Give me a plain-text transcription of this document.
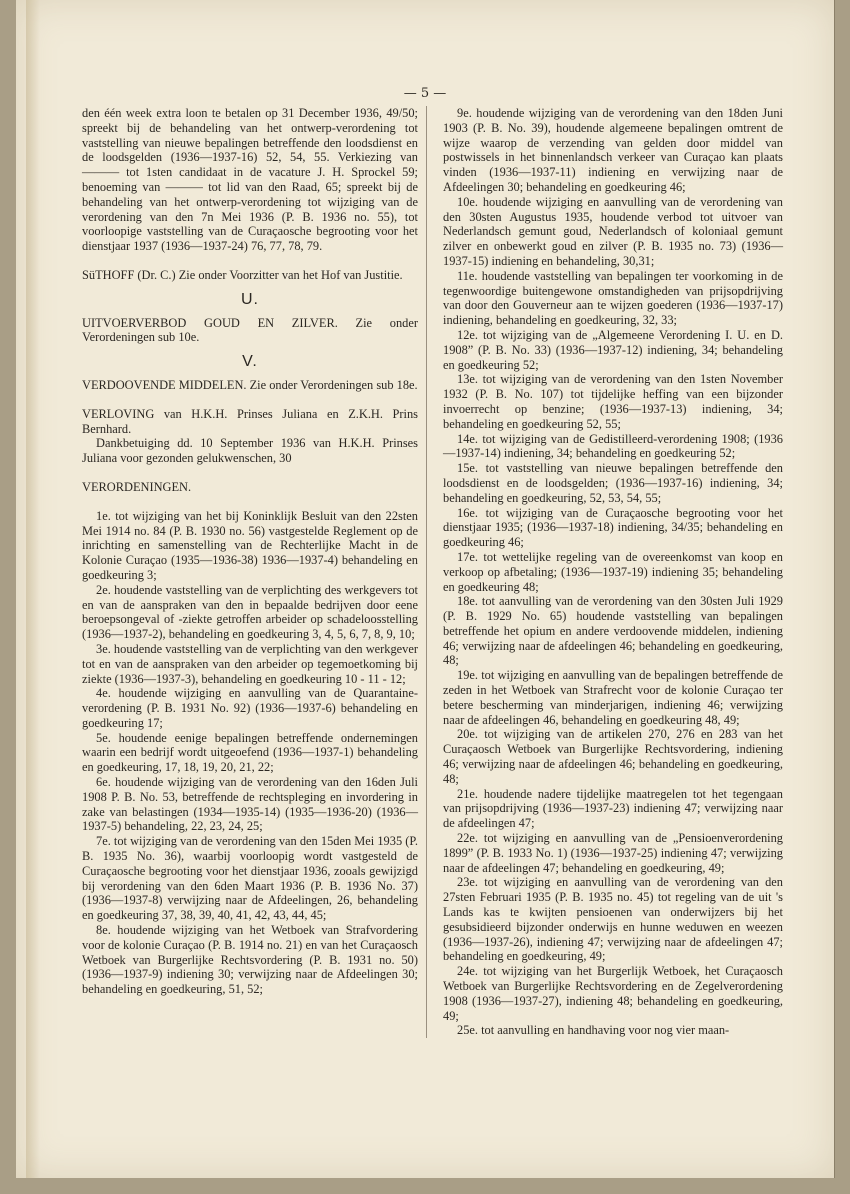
— 5 —

den één week extra loon te betalen op 31 December 1936, 49/50; spreekt bij de behandeling van het ontwerp-verordening tot vaststelling van nieuwe bepalingen betreffende den loodsdienst en de loodsgelden (1936—1937-16) 52, 54, 55. Verkiezing van ——— tot 1sten candidaat in de vacature J. H. Sprockel 59; benoeming van ——— tot lid van den Raad, 65; spreekt bij de behandeling van het ontwerp-verordening tot wijziging van de verordening van den 7n Mei 1936 (P. B. 1936 no. 55), tot voorloopige vaststelling van de Curaçaosche begrooting voor het dienstjaar 1937 (1936—1937-24) 76, 77, 78, 79.

SüTHOFF (Dr. C.) Zie onder Voorzitter van het Hof van Justitie.

U.

UITVOERVERBOD GOUD EN ZILVER. Zie onder Verordeningen sub 10e.

V.

VERDOOVENDE MIDDELEN. Zie onder Verordeningen sub 18e.

VERLOVING van H.K.H. Prinses Juliana en Z.K.H. Prins Bernhard.

Dankbetuiging dd. 10 September 1936 van H.K.H. Prinses Juliana voor gezonden gelukwenschen, 30

VERORDENINGEN.

1e. tot wijziging van het bij Koninklijk Besluit van den 22sten Mei 1914 no. 84 (P. B. 1930 no. 56) vastgestelde Reglement op de inrichting en samenstelling van de Rechterlijke Macht in de Kolonie Curaçao (1935—1936-38) 1936—1937-4) behandeling en goedkeuring 3;

2e. houdende vaststelling van de verplichting des werkgevers tot en van de aanspraken van den in bepaalde bedrijven door eene beroepsongeval of -ziekte getroffen arbeider op schadeloosstelling (1936—1937-2), behandeling en goedkeuring 3, 4, 5, 6, 7, 8, 9, 10;

3e. houdende vaststelling van de verplichting van den werkgever tot en van de aanspraken van den arbeider op tegemoetkoming bij ziekte (1936—1937-3), behandeling en goedkeuring 10 - 11 - 12;

4e. houdende wijziging en aanvulling van de Quarantaine-verordening (P. B. 1931 No. 92) (1936—1937-6) behandeling en goedkeuring 17;

5e. houdende eenige bepalingen betreffende ondernemingen waarin een bedrijf wordt uitgeoefend (1936—1937-1) behandeling en goedkeuring, 17, 18, 19, 20, 21, 22;

6e. houdende wijziging van de verordening van den 16den Juli 1908 P. B. No. 53, betreffende de rechtspleging en invordering in zake van belastingen (1934—1935-14) (1935—1936-20) (1936—1937-5) behandeling, 22, 23, 24, 25;

7e. tot wijziging van de verordening van den 15den Mei 1935 (P. B. 1935 No. 36), waarbij voorloopig wordt vastgesteld de Curaçaosche begrooting voor het dienstjaar 1936, zooals gewijzigd bij verordening van den 6den Maart 1936 (P. B. 1936 No. 37) (1936—1937-8) verwijzing naar de Afdeelingen, 26, behandeling en goedkeuring 37, 38, 39, 40, 41, 42, 43, 44, 45;

8e. houdende wijziging van het Wetboek van Strafvordering voor de kolonie Curaçao (P. B. 1914 no. 21) en van het Curaçaosch Wetboek van Burgerlijke Rechtsvordering (P. B. 1931 no. 50) (1936—1937-9) indiening 30; verwijzing naar de Afdeelingen 30; behandeling en goedkeuring, 51, 52;

9e. houdende wijziging van de verordening van den 18den Juni 1903 (P. B. No. 39), houdende algemeene bepalingen omtrent de wijze waarop de verzending van gelden door middel van postwissels in het binnenlandsch verkeer van Curaçao kan plaats vinden (1936—1937-11) indiening en verwijzing naar de Afdeelingen 30; behandeling en goedkeuring 46;

10e. houdende wijziging en aanvulling van de verordening van den 30sten Augustus 1935, houdende verbod tot uitvoer van Nederlandsch gemunt goud, Nederlandsch of koloniaal gemunt zilver en onbewerkt goud en zilver (P. B. 1935 no. 73) (1936—1937-15) indiening en behandeling, 30,31;

11e. houdende vaststelling van bepalingen ter voorkoming in de tegenwoordige buitengewone omstandigheden van prijsopdrijving van door den Gouverneur aan te wijzen goederen (1936—1937-17) indiening, behandeling en goedkeuring, 32, 33;

12e. tot wijziging van de „Algemeene Verordening I. U. en D. 1908” (P. B. No. 33) (1936—1937-12) indiening, 34; behandeling en goedkeuring 52;

13e. tot wijziging van de verordening van den 1sten November 1932 (P. B. No. 107) tot tijdelijke heffing van een bijzonder invoerrecht op benzine; (1936—1937-13) indiening, 34; behandeling en goedkeuring 52, 55;

14e. tot wijziging van de Gedistilleerd-verordening 1908; (1936—1937-14) indiening, 34; behandeling en goedkeuring 52;

15e. tot vaststelling van nieuwe bepalingen betreffende den loodsdienst en de loodsgelden; (1936—1937-16) indiening, 34; behandeling en goedkeuring, 52, 53, 54, 55;

16e. tot wijziging van de Curaçaosche begrooting voor het dienstjaar 1935; (1936—1937-18) indiening, 34/35; behandeling en goedkeuring 46;

17e. tot wettelijke regeling van de overeenkomst van koop en verkoop op afbetaling; (1936—1937-19) indiening 35; behandeling en goedkeuring 48;

18e. tot aanvulling van de verordening van den 30sten Juli 1929 (P. B. 1929 No. 65) houdende vaststelling van bepalingen betreffende het opium en andere verdoovende middelen, indiening 46; verwijzing naar de afdeelingen 46; behandeling en goedkeuring, 48;

19e. tot wijziging en aanvulling van de bepalingen betreffende de zeden in het Wetboek van Strafrecht voor de kolonie Curaçao ter betere bescherming van minderjarigen, indiening 46; verwijzing naar de afdeelingen 46, behandeling en goedkeuring 48, 49;

20e. tot wijziging van de artikelen 270, 276 en 283 van het Curaçaosch Wetboek van Burgerlijke Rechtsvordering, indiening 46; verwijzing naar de afdeelingen 46; behandeling en goedkeuring, 48;

21e. houdende nadere tijdelijke maatregelen tot het tegengaan van prijsopdrijving (1936—1937-23) indiening 47; verwijzing naar de afdeelingen 47;

22e. tot wijziging en aanvulling van de „Pensioenverordening 1899” (P. B. 1933 No. 1) (1936—1937-25) indiening 47; verwijzing naar de afdeelingen 47; behandeling en goedkeuring, 49;

23e. tot wijziging en aanvulling van de verordening van den 27sten Februari 1935 (P. B. 1935 no. 45) tot regeling van de uit 's Lands kas te kwijten pensioenen van onderwijzers bij het gesubsidieerd bijzonder onderwijs en hunne weduwen en weezen (1936—1937-26), indiening 47; verwijzing naar de afdeelingen 47; behandeling en goedkeuring, 49;

24e. tot wijziging van het Burgerlijk Wetboek, het Curaçaosch Wetboek van Burgerlijke Rechtsvordering en de Zegelverordening 1908 (1936—1937-27), indiening 48; behandeling en goedkeuring, 49;

25e. tot aanvulling en handhaving voor nog vier maan-
